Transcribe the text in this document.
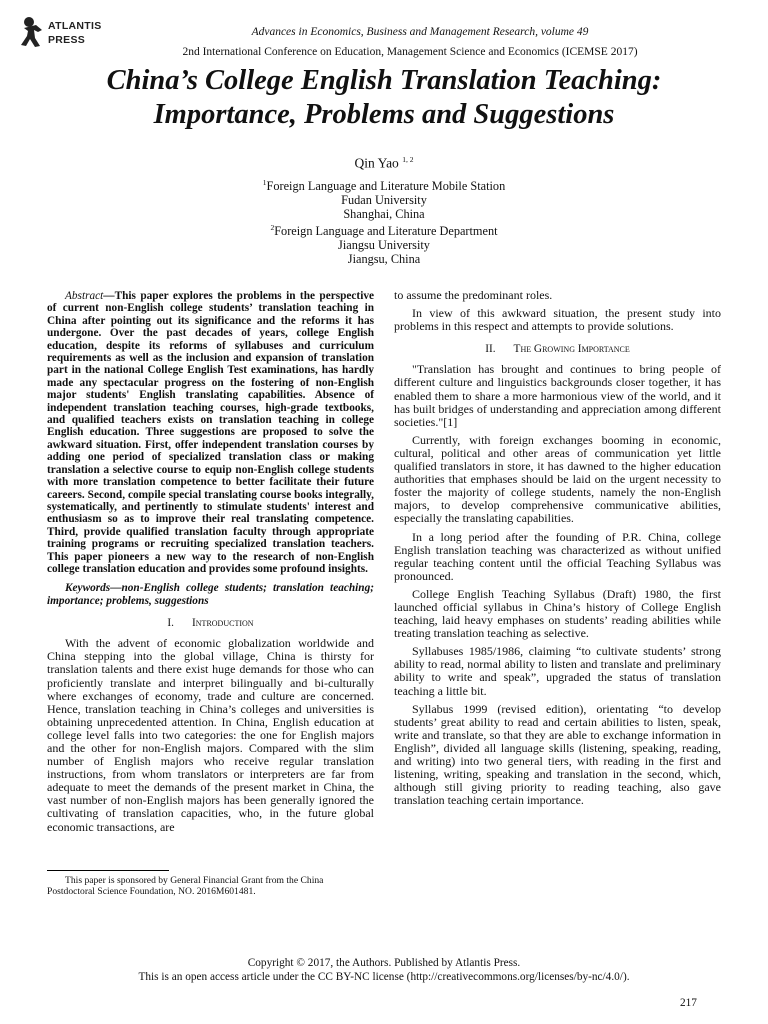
ATLANTIS
PRESS
Advances in Economics, Business and Management Research, volume 49
2nd International Conference on Education, Management Science and Economics (ICEMSE 2017)
China’s College English Translation Teaching:
Importance, Problems and Suggestions
Qin Yao $^{1, 2}$
$^1$Foreign Language and Literature Mobile Station
Fudan University
Shanghai, China
$^2$Foreign Language and Literature Department
Jiangsu University
Jiangsu, China

Abstract—This paper explores the problems in the perspective of current non-English college students’ translation teaching in China after pointing out its significance and the reforms it has undergone. Over the past decades of years, college English education, despite its reforms of syllabuses and curriculum requirements as well as the inclusion and expansion of translation part in the national College English Test examinations, has hardly made any spectacular progress on the fostering of non-English major students' English translating capabilities. Absence of independent translation teaching courses, high-grade textbooks, and qualified teachers exists on translation teaching in college English education. Three suggestions are proposed to solve the awkward situation. First, offer independent translation courses by adding one period of specialized translation class or making translation a selective course to equip non-English college students with more translation competence to better facilitate their future careers. Second, compile special translating course books integrally, systematically, and pertinently to stimulate students' interest and enthusiasm so as to improve their real translating competence. Third, provide qualified translation faculty through appropriate training programs or recruiting specialized translation teachers. This paper pioneers a new way to the research of non-English college translation education and provides some profound insights.

Keywords—non-English college students; translation teaching; importance; problems, suggestions

I. Introduction

With the advent of economic globalization worldwide and China stepping into the global village, China is thirsty for translation talents and there exist huge demands for those who can proficiently translate and interpret bilingually and bi-culturally where exchanges of economy, trade and culture are concerned. Hence, translation teaching in China’s colleges and universities is obtaining unprecedented attention. In China, English education at college level falls into two categories: the one for English majors and the other for non-English majors. Compared with the slim number of English majors who receive regular translation instructions, from whom translators or interpreters are far from adequate to meet the demands of the present market in China, the vast number of non-English majors has been generally ignored the cultivating of translation capacities, who, in the future global economic transactions, are

This paper is sponsored by General Financial Grant from the China
Postdoctoral Science Foundation, NO. 2016M601481.

to assume the predominant roles.

In view of this awkward situation, the present study into problems in this respect and attempts to provide solutions.

II. The Growing Importance

"Translation has brought and continues to bring people of different culture and linguistics backgrounds closer together, it has enabled them to share a more harmonious view of the world, and it has built bridges of understanding and appreciation among different societies."[1]

Currently, with foreign exchanges booming in economic, cultural, political and other areas of communication yet little qualified translators in store, it has dawned to the higher education authorities that emphases should be laid on the urgent necessity to foster the majority of college students, namely the non-English majors, to develop comprehensive communicative abilities, especially the translating capabilities.

In a long period after the founding of P.R. China, college English translation teaching was characterized as without unified regular teaching content until the official Teaching Syllabus was pronounced.

College English Teaching Syllabus (Draft) 1980, the first launched official syllabus in China’s history of College English teaching, laid heavy emphases on students’ reading abilities while treating translation teaching as selective.

Syllabuses 1985/1986, claiming “to cultivate students’ strong ability to read, normal ability to listen and translate and preliminary ability to write and speak”, upgraded the status of translation teaching a little bit.

Syllabus 1999 (revised edition), orientating “to develop students’ great ability to read and certain abilities to listen, speak, write and translate, so that they are able to exchange information in English”, divided all language skills (listening, speaking, reading, and writing) into two general tiers, with reading in the first and listening, writing, speaking and translation in the second, which, although still giving priority to reading teaching, also gave translation teaching certain importance.

Copyright © 2017, the Authors. Published by Atlantis Press.
This is an open access article under the CC BY-NC license (http://creativecommons.org/licenses/by-nc/4.0/).
217
